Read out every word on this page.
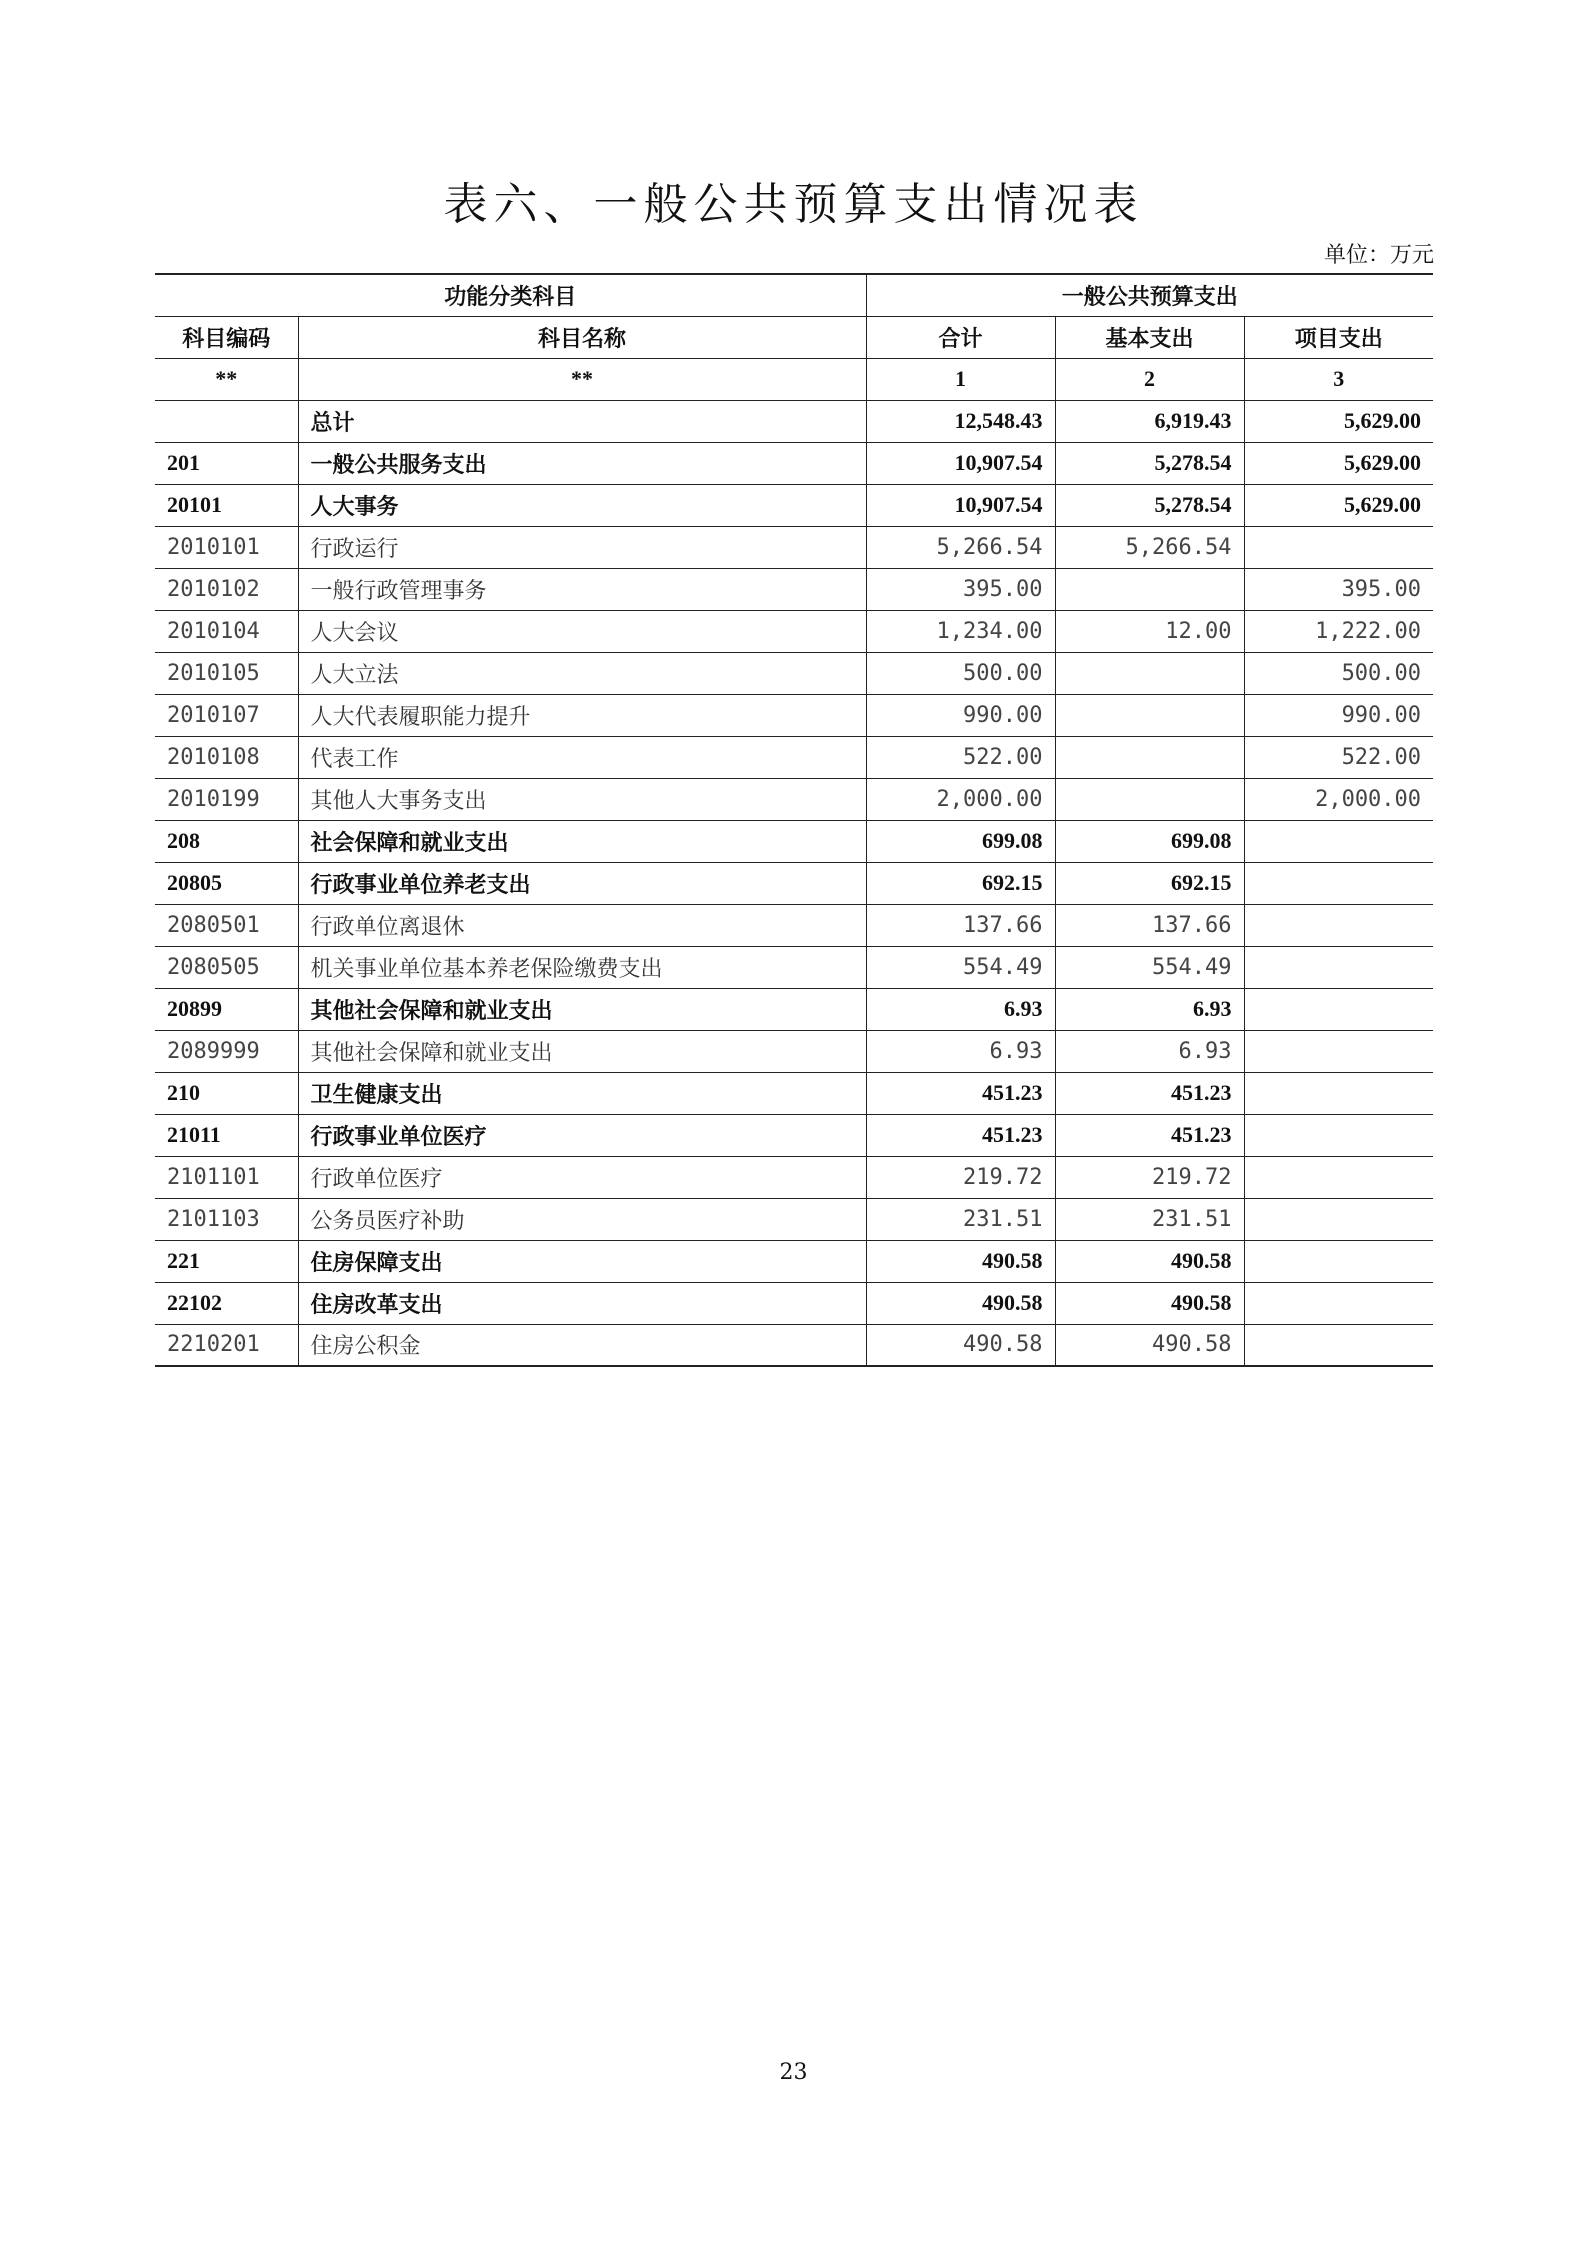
表六、一般公共预算支出情况表
单位：万元
功能分类科目		一般公共预算支出		
科目编码	科目名称	合计	基本支出	项目支出
**	**	1	2	3
	总计	12,548.43	6,919.43	5,629.00
201	一般公共服务支出	10,907.54	5,278.54	5,629.00
20101	人大事务	10,907.54	5,278.54	5,629.00
2010101	行政运行	5,266.54	5,266.54	
2010102	一般行政管理事务	395.00		395.00
2010104	人大会议	1,234.00	12.00	1,222.00
2010105	人大立法	500.00		500.00
2010107	人大代表履职能力提升	990.00		990.00
2010108	代表工作	522.00		522.00
2010199	其他人大事务支出	2,000.00		2,000.00
208	社会保障和就业支出	699.08	699.08	
20805	行政事业单位养老支出	692.15	692.15	
2080501	行政单位离退休	137.66	137.66	
2080505	机关事业单位基本养老保险缴费支出	554.49	554.49	
20899	其他社会保障和就业支出	6.93	6.93	
2089999	其他社会保障和就业支出	6.93	6.93	
210	卫生健康支出	451.23	451.23	
21011	行政事业单位医疗	451.23	451.23	
2101101	行政单位医疗	219.72	219.72	
2101103	公务员医疗补助	231.51	231.51	
221	住房保障支出	490.58	490.58	
22102	住房改革支出	490.58	490.58	
2210201	住房公积金	490.58	490.58	
23
